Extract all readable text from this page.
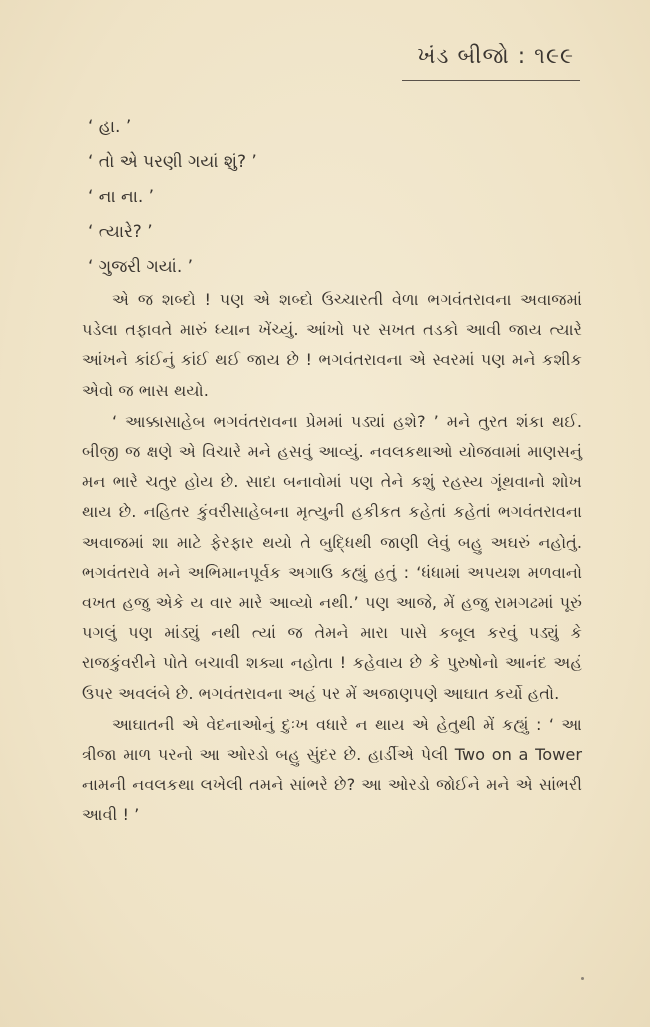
ખંડ બીજો : ૧૯૯
‘ હા. ’
‘ તો એ પરણી ગયાં શું? ’
‘ ના ના. ’
‘ ત્યારે? ’
‘ ગુજરી ગયાં. ’

એ જ શબ્દો ! પણ એ શબ્દો ઉચ્ચારતી વેળા ભગવંતરાવના અવાજમાં પડેલા તફાવતે મારું ધ્યાન ખેંચ્યું. આંખો પર સખત તડકો આવી જાય ત્યારે આંખને કાંઈનું કાંઈ થઈ જાય છે ! ભગવંતરાવના એ સ્વરમાં પણ મને કશીક એવો જ ભાસ થયો.

‘ આક્કાસાહેબ ભગવંતરાવના પ્રેમમાં પડ્યાં હશે? ’ મને તુરત શંકા થઈ. બીજી જ ક્ષણે એ વિચારે મને હસવું આવ્યું. નવલકથાઓ યોજવામાં માણસનું મન ભારે ચતુર હોય છે. સાદા બનાવોમાં પણ તેને કશું રહસ્ય ગૂંથવાનો શોખ થાય છે. નહિતર કુંવરીસાહેબના મૃત્યુની હકીકત કહેતાં કહેતાં ભગવંતરાવના અવાજમાં શા માટે ફેરફાર થયો તે બુદ્ધિથી જાણી લેવું બહુ અઘરું નહોતું. ભગવંતરાવે મને અભિમાનપૂર્વક અગાઉ કહ્યું હતું : ‘ધંધામાં અપયશ મળવાનો વખત હજુ એકે ય વાર મારે આવ્યો નથી.’ પણ આજે, મેં હજુ રામગઢમાં પૂરું પગલું પણ માંડ્યું નથી ત્યાં જ તેમને મારા પાસે કબૂલ કરવું પડ્યું કે રાજકુંવરીને પોતે બચાવી શક્યા નહોતા ! કહેવાય છે કે પુરુષોનો આનંદ અહં ઉપર અવલંબે છે. ભગવંતરાવના અહં પર મેં અજાણપણે આઘાત કર્યો હતો.

આઘાતની એ વેદનાઓનું દુઃખ વધારે ન થાય એ હેતુથી મેં કહ્યું : ‘ આ ત્રીજા માળ પરનો આ ઓરડો બહુ સુંદર છે. હાર્ડીએ પેલી Two on a Tower નામની નવલકથા લખેલી તમને સાંભરે છે? આ ઓરડો જોઈને મને એ સાંભરી આવી ! ’
